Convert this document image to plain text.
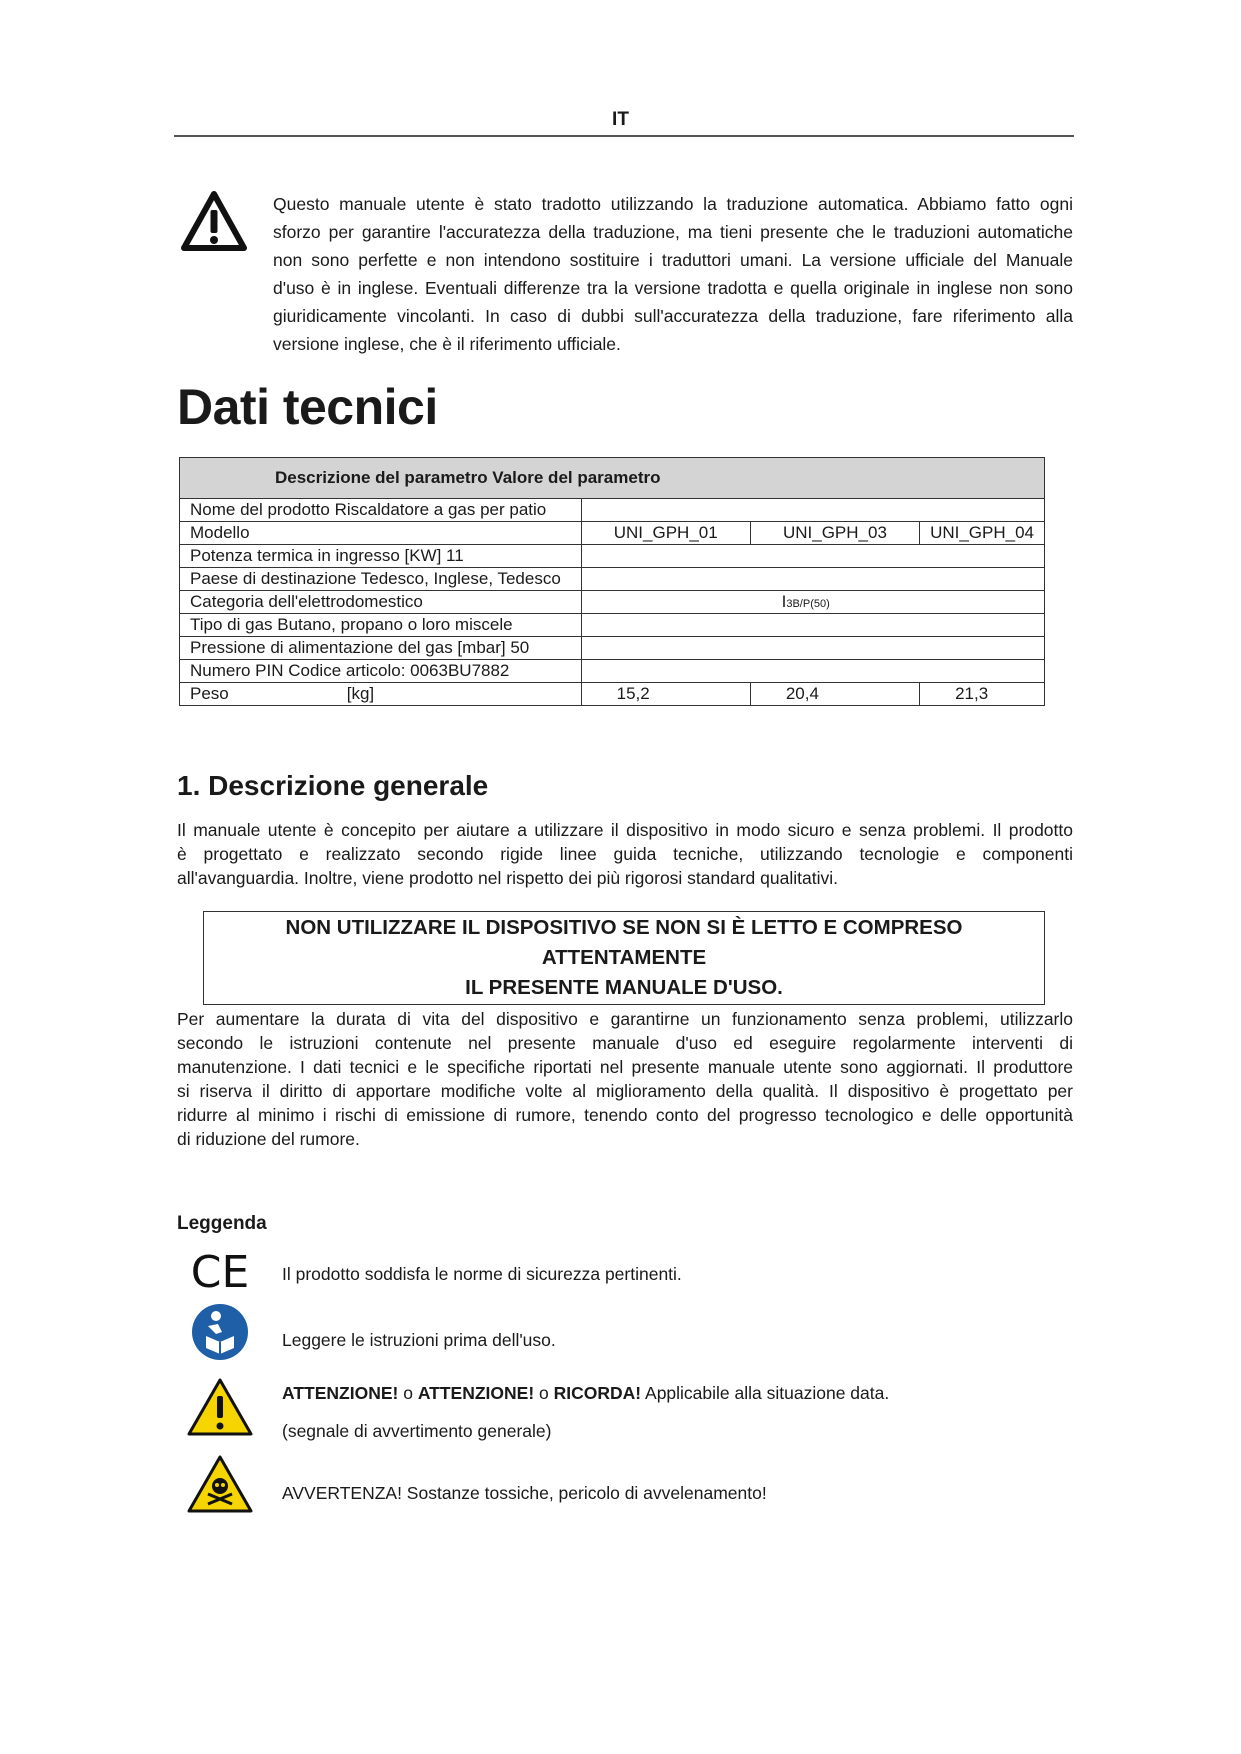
IT
Questo manuale utente è stato tradotto utilizzando la traduzione automatica. Abbiamo fatto ogni
sforzo per garantire l'accuratezza della traduzione, ma tieni presente che le traduzioni automatiche
non sono perfette e non intendono sostituire i traduttori umani. La versione ufficiale del Manuale
d'uso è in inglese. Eventuali differenze tra la versione tradotta e quella originale in inglese non sono
giuridicamente vincolanti. In caso di dubbi sull'accuratezza della traduzione, fare riferimento alla
versione inglese, che è il riferimento ufficiale.
Dati tecnici
Descrizione del parametro Valore del parametro			
Nome del prodotto Riscaldatore a gas per patio			
Modello	UNI_GPH_01	UNI_GPH_03	UNI_GPH_04
Potenza termica in ingresso [KW] 11			
Paese di destinazione Tedesco, Inglese, Tedesco			
Categoria dell'elettrodomestico	I3B/P(50)		
Tipo di gas Butano, propano o loro miscele			
Pressione di alimentazione del gas [mbar] 50			
Numero PIN Codice articolo: 0063BU7882			
Peso [kg]	15,2	20,4	21,3
1. Descrizione generale
Il manuale utente è concepito per aiutare a utilizzare il dispositivo in modo sicuro e senza problemi. Il prodotto
è progettato e realizzato secondo rigide linee guida tecniche, utilizzando tecnologie e componenti
all'avanguardia. Inoltre, viene prodotto nel rispetto dei più rigorosi standard qualitativi.
NON UTILIZZARE IL DISPOSITIVO SE NON SI È LETTO E COMPRESO ATTENTAMENTE
IL PRESENTE MANUALE D'USO.
Per aumentare la durata di vita del dispositivo e garantirne un funzionamento senza problemi, utilizzarlo
secondo le istruzioni contenute nel presente manuale d'uso ed eseguire regolarmente interventi di
manutenzione. I dati tecnici e le specifiche riportati nel presente manuale utente sono aggiornati. Il produttore
si riserva il diritto di apportare modifiche volte al miglioramento della qualità. Il dispositivo è progettato per
ridurre al minimo i rischi di emissione di rumore, tenendo conto del progresso tecnologico e delle opportunità
di riduzione del rumore.
Leggenda
CE Il prodotto soddisfa le norme di sicurezza pertinenti.
Leggere le istruzioni prima dell'uso.
ATTENZIONE! o ATTENZIONE! o RICORDA! Applicabile alla situazione data.
(segnale di avvertimento generale)
AVVERTENZA! Sostanze tossiche, pericolo di avvelenamento!
